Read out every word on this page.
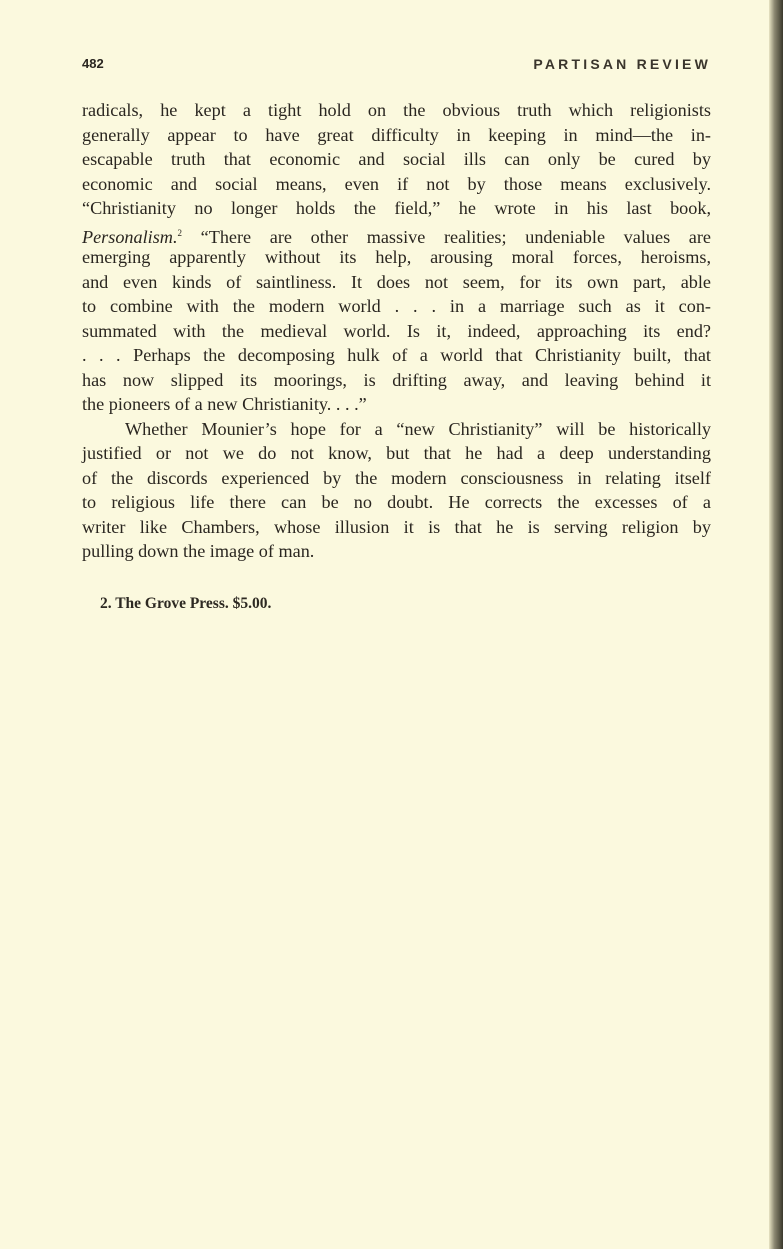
482	PARTISAN REVIEW
radicals, he kept a tight hold on the obvious truth which religionists
generally appear to have great difficulty in keeping in mind—the in-
escapable truth that economic and social ills can only be cured by
economic and social means, even if not by those means exclusively.
“Christianity no longer holds the field,” he wrote in his last book,
Personalism.$^2$ “There are other massive realities; undeniable values are
emerging apparently without its help, arousing moral forces, heroisms,
and even kinds of saintliness. It does not seem, for its own part, able
to combine with the modern world . . . in a marriage such as it con-
summated with the medieval world. Is it, indeed, approaching its end?
. . . Perhaps the decomposing hulk of a world that Christianity built, that
has now slipped its moorings, is drifting away, and leaving behind it
the pioneers of a new Christianity. . . .”
Whether Mounier’s hope for a “new Christianity” will be historically
justified or not we do not know, but that he had a deep understanding
of the discords experienced by the modern consciousness in relating itself
to religious life there can be no doubt. He corrects the excesses of a
writer like Chambers, whose illusion it is that he is serving religion by
pulling down the image of man.
2. The Grove Press. $5.00.
